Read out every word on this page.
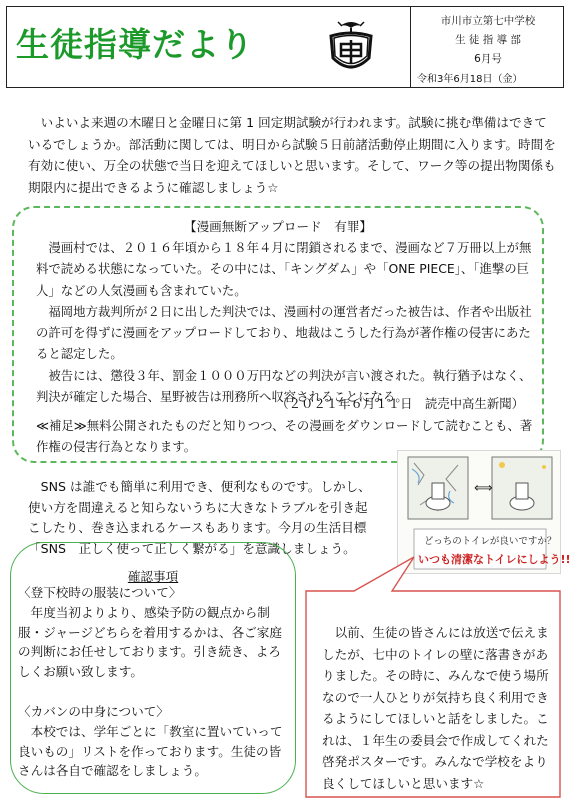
生徒指導だより
市川市立第七中学校
生 徒 指 導 部
6月号
令和3年6月18日（金）

いよいよ来週の木曜日と金曜日に第 1 回定期試験が行われます。試験に挑む準備はできているでしょうか。部活動に関しては、明日から試験５日前諸活動停止期間に入ります。時間を有効に使い、万全の状態で当日を迎えてほしいと思います。そして、ワーク等の提出物関係も期限内に提出できるように確認しましょう☆

【漫画無断アップロード　有罪】

漫画村では、２０１６年頃から１８年４月に閉鎖されるまで、漫画など７万冊以上が無料で読める状態になっていた。その中には、「キングダム」や「ONE PIECE」、「進撃の巨人」などの人気漫画も含まれていた。

福岡地方裁判所が２日に出した判決では、漫画村の運営者だった被告は、作者や出版社の許可を得ずに漫画をアップロードしており、地裁はこうした行為が著作権の侵害にあたると認定した。

被告には、懲役３年、罰金１０００万円などの判決が言い渡された。執行猶予はなく、判決が確定した場合、星野被告は刑務所へ収容されることになる。

（２０２１年６月１１日　読売中高生新聞）

≪補足≫無料公開されたものだと知りつつ、その漫画をダウンロードして読むことも、著作権の侵害行為となります。

SNS は誰でも簡単に利用でき、便利なものです。しかし、使い方を間違えると知らないうちに大きなトラブルを引き起こしたり、巻き込まれるケースもあります。今月の生活目標「SNS　正しく使って正しく繋がる」を意識しましょう。

⟺
どっちのトイレが良いですか？
いつも清潔なトイレにしよう!!

以前、生徒の皆さんには放送で伝えましたが、七中のトイレの壁に落書きがありました。その時に、みんなで使う場所なので一人ひとりが気持ち良く利用できるようにしてほしいと話をしました。これは、１年生の委員会で作成してくれた啓発ポスターです。みんなで学校をより良くしてほしいと思います☆

確認事項

〈登下校時の服装について〉

年度当初よりより、感染予防の観点から制服・ジャージどちらを着用するかは、各ご家庭の判断にお任せしております。引き続き、よろしくお願い致します。

〈カバンの中身について〉

本校では、学年ごとに「教室に置いていって良いもの」リストを作っております。生徒の皆さんは各自で確認をしましょう。
